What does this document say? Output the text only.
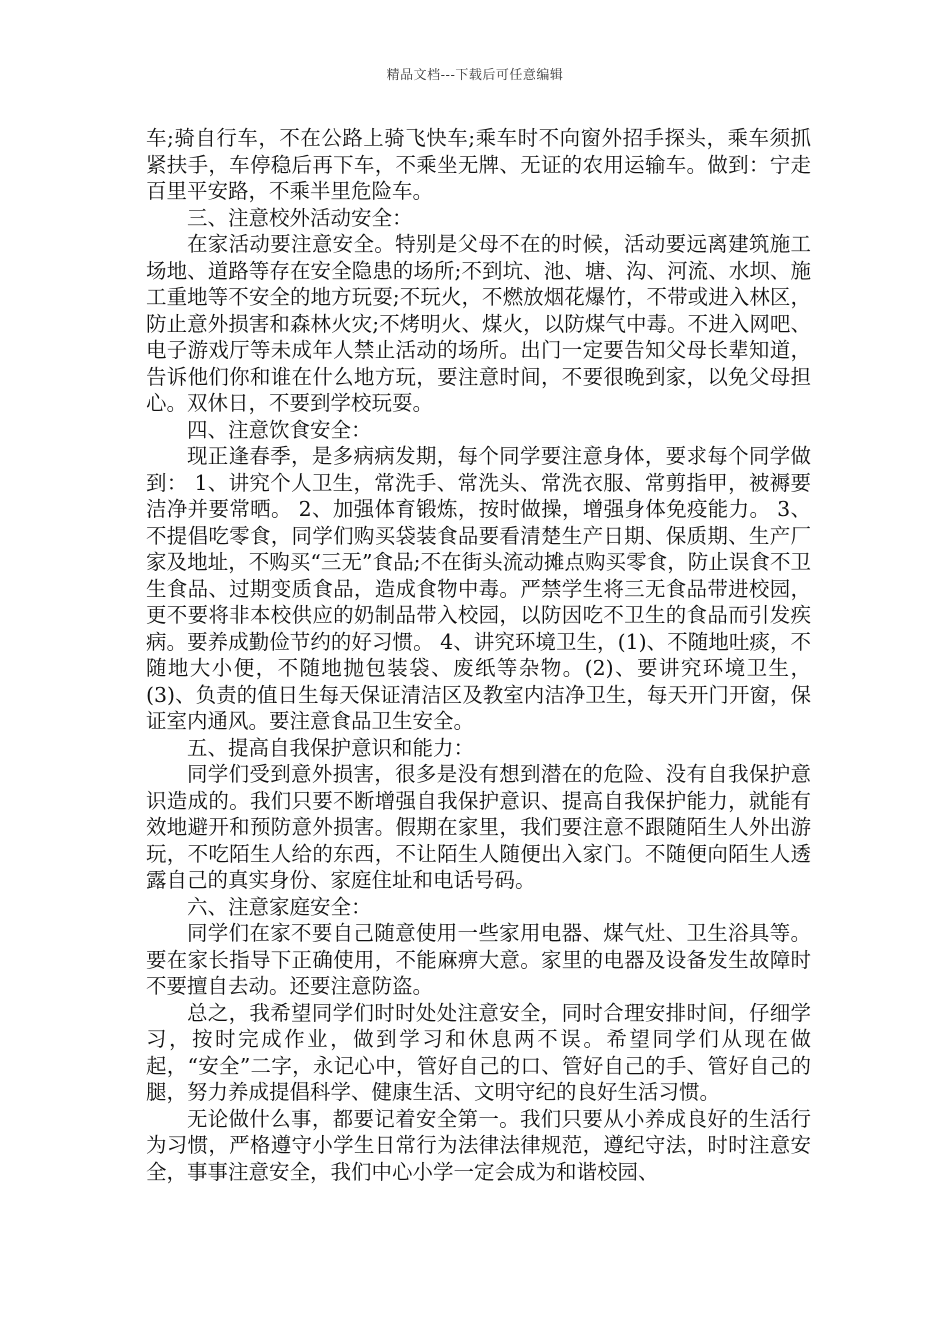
精品文档---下载后可任意编辑

车;骑自行车，不在公路上骑飞快车;乘车时不向窗外招手探头，乘车须抓紧扶手，车停稳后再下车，不乘坐无牌、无证的农用运输车。做到：宁走百里平安路，不乘半里危险车。

三、注意校外活动安全：

在家活动要注意安全。特别是父母不在的时候，活动要远离建筑施工场地、道路等存在安全隐患的场所;不到坑、池、塘、沟、河流、水坝、施工重地等不安全的地方玩耍;不玩火，不燃放烟花爆竹，不带或进入林区，防止意外损害和森林火灾;不烤明火、煤火，以防煤气中毒。不进入网吧、电子游戏厅等未成年人禁止活动的场所。出门一定要告知父母长辈知道，告诉他们你和谁在什么地方玩，要注意时间，不要很晚到家，以免父母担心。双休日，不要到学校玩耍。

四、注意饮食安全：

现正逢春季，是多病病发期，每个同学要注意身体，要求每个同学做到： 1、讲究个人卫生，常洗手、常洗头、常洗衣服、常剪指甲，被褥要洁净并要常晒。 2、加强体育锻炼，按时做操，增强身体免疫能力。 3、不提倡吃零食，同学们购买袋装食品要看清楚生产日期、保质期、生产厂家及地址，不购买“三无”食品;不在街头流动摊点购买零食，防止误食不卫生食品、过期变质食品，造成食物中毒。严禁学生将三无食品带进校园，更不要将非本校供应的奶制品带入校园，以防因吃不卫生的食品而引发疾病。要养成勤俭节约的好习惯。 4、讲究环境卫生，(1)、不随地吐痰，不随地大小便，不随地抛包装袋、废纸等杂物。(2)、要讲究环境卫生，(3)、负责的值日生每天保证清洁区及教室内洁净卫生，每天开门开窗，保证室内通风。要注意食品卫生安全。

五、提高自我保护意识和能力：

同学们受到意外损害，很多是没有想到潜在的危险、没有自我保护意识造成的。我们只要不断增强自我保护意识、提高自我保护能力，就能有效地避开和预防意外损害。假期在家里，我们要注意不跟随陌生人外出游玩，不吃陌生人给的东西，不让陌生人随便出入家门。不随便向陌生人透露自己的真实身份、家庭住址和电话号码。

六、注意家庭安全：

同学们在家不要自己随意使用一些家用电器、煤气灶、卫生浴具等。要在家长指导下正确使用，不能麻痹大意。家里的电器及设备发生故障时不要擅自去动。还要注意防盗。

总之，我希望同学们时时处处注意安全，同时合理安排时间，仔细学习，按时完成作业，做到学习和休息两不误。希望同学们从现在做起，“安全”二字，永记心中，管好自己的口、管好自己的手、管好自己的腿，努力养成提倡科学、健康生活、文明守纪的良好生活习惯。

无论做什么事，都要记着安全第一。我们只要从小养成良好的生活行为习惯，严格遵守小学生日常行为法律法律规范，遵纪守法，时时注意安全，事事注意安全，我们中心小学一定会成为和谐校园、
